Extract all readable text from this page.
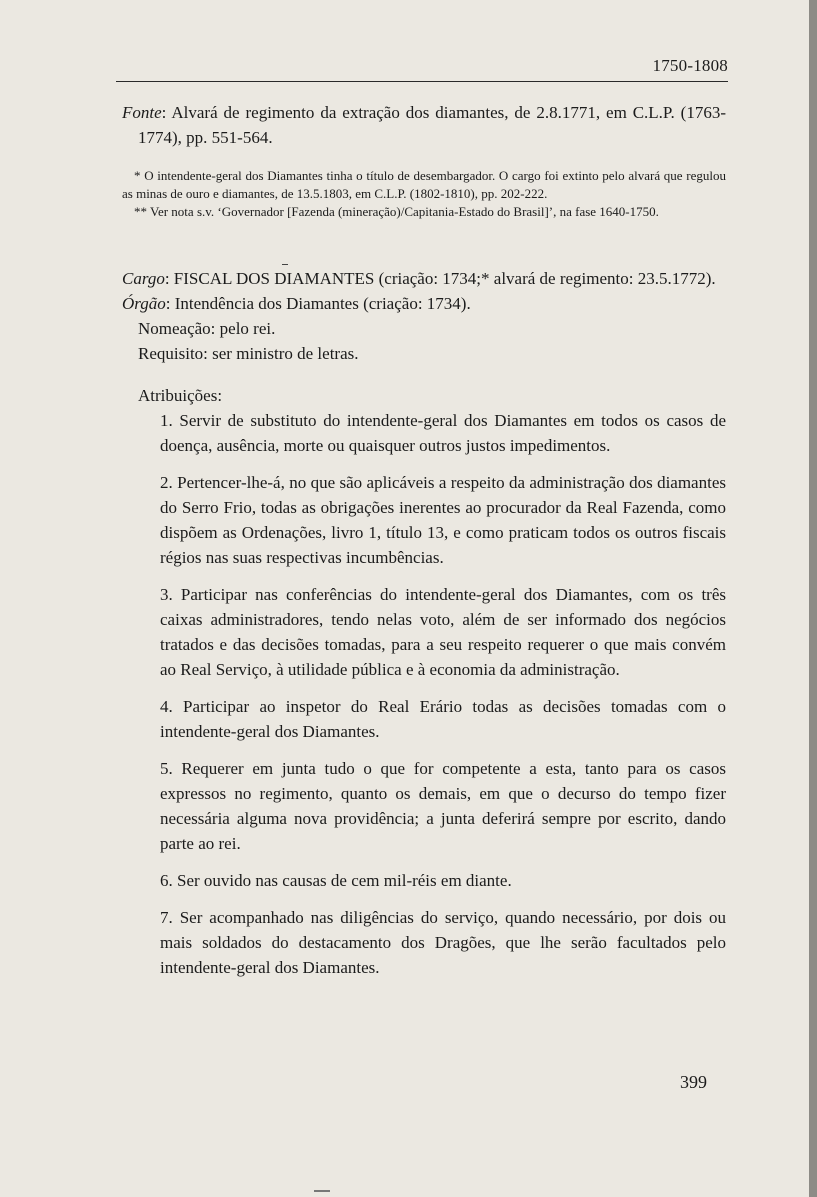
1750-1808

Fonte: Alvará de regimento da extração dos diamantes, de 2.8.1771, em C.L.P. (1763-1774), pp. 551-564.

* O intendente-geral dos Diamantes tinha o título de desembargador. O cargo foi extinto pelo alvará que regulou as minas de ouro e diamantes, de 13.5.1803, em C.L.P. (1802-1810), pp. 202-222.

** Ver nota s.v. ‘Governador [Fazenda (mineração)/Capitania-Estado do Brasil]’, na fase 1640-1750.

Cargo: FISCAL DOS DIAMANTES (criação: 1734;* alvará de regimento: 23.5.1772).

Órgão: Intendência dos Diamantes (criação: 1734).

Nomeação: pelo rei.

Requisito: ser ministro de letras.

Atribuições:

1. Servir de substituto do intendente-geral dos Diamantes em todos os casos de doença, ausência, morte ou quaisquer outros justos impedimentos.

2. Pertencer-lhe-á, no que são aplicáveis a respeito da administração dos diamantes do Serro Frio, todas as obrigações inerentes ao procurador da Real Fazenda, como dispõem as Ordenações, livro 1, título 13, e como praticam todos os outros fiscais régios nas suas respectivas incumbências.

3. Participar nas conferências do intendente-geral dos Diamantes, com os três caixas administradores, tendo nelas voto, além de ser informado dos negócios tratados e das decisões tomadas, para a seu respeito requerer o que mais convém ao Real Serviço, à utilidade pública e à economia da administração.

4. Participar ao inspetor do Real Erário todas as decisões tomadas com o intendente-geral dos Diamantes.

5. Requerer em junta tudo o que for competente a esta, tanto para os casos expressos no regimento, quanto os demais, em que o decurso do tempo fizer necessária alguma nova providência; a junta deferirá sempre por escrito, dando parte ao rei.

6. Ser ouvido nas causas de cem mil-réis em diante.

7. Ser acompanhado nas diligências do serviço, quando necessário, por dois ou mais soldados do destacamento dos Dragões, que lhe serão facultados pelo intendente-geral dos Diamantes.

399
